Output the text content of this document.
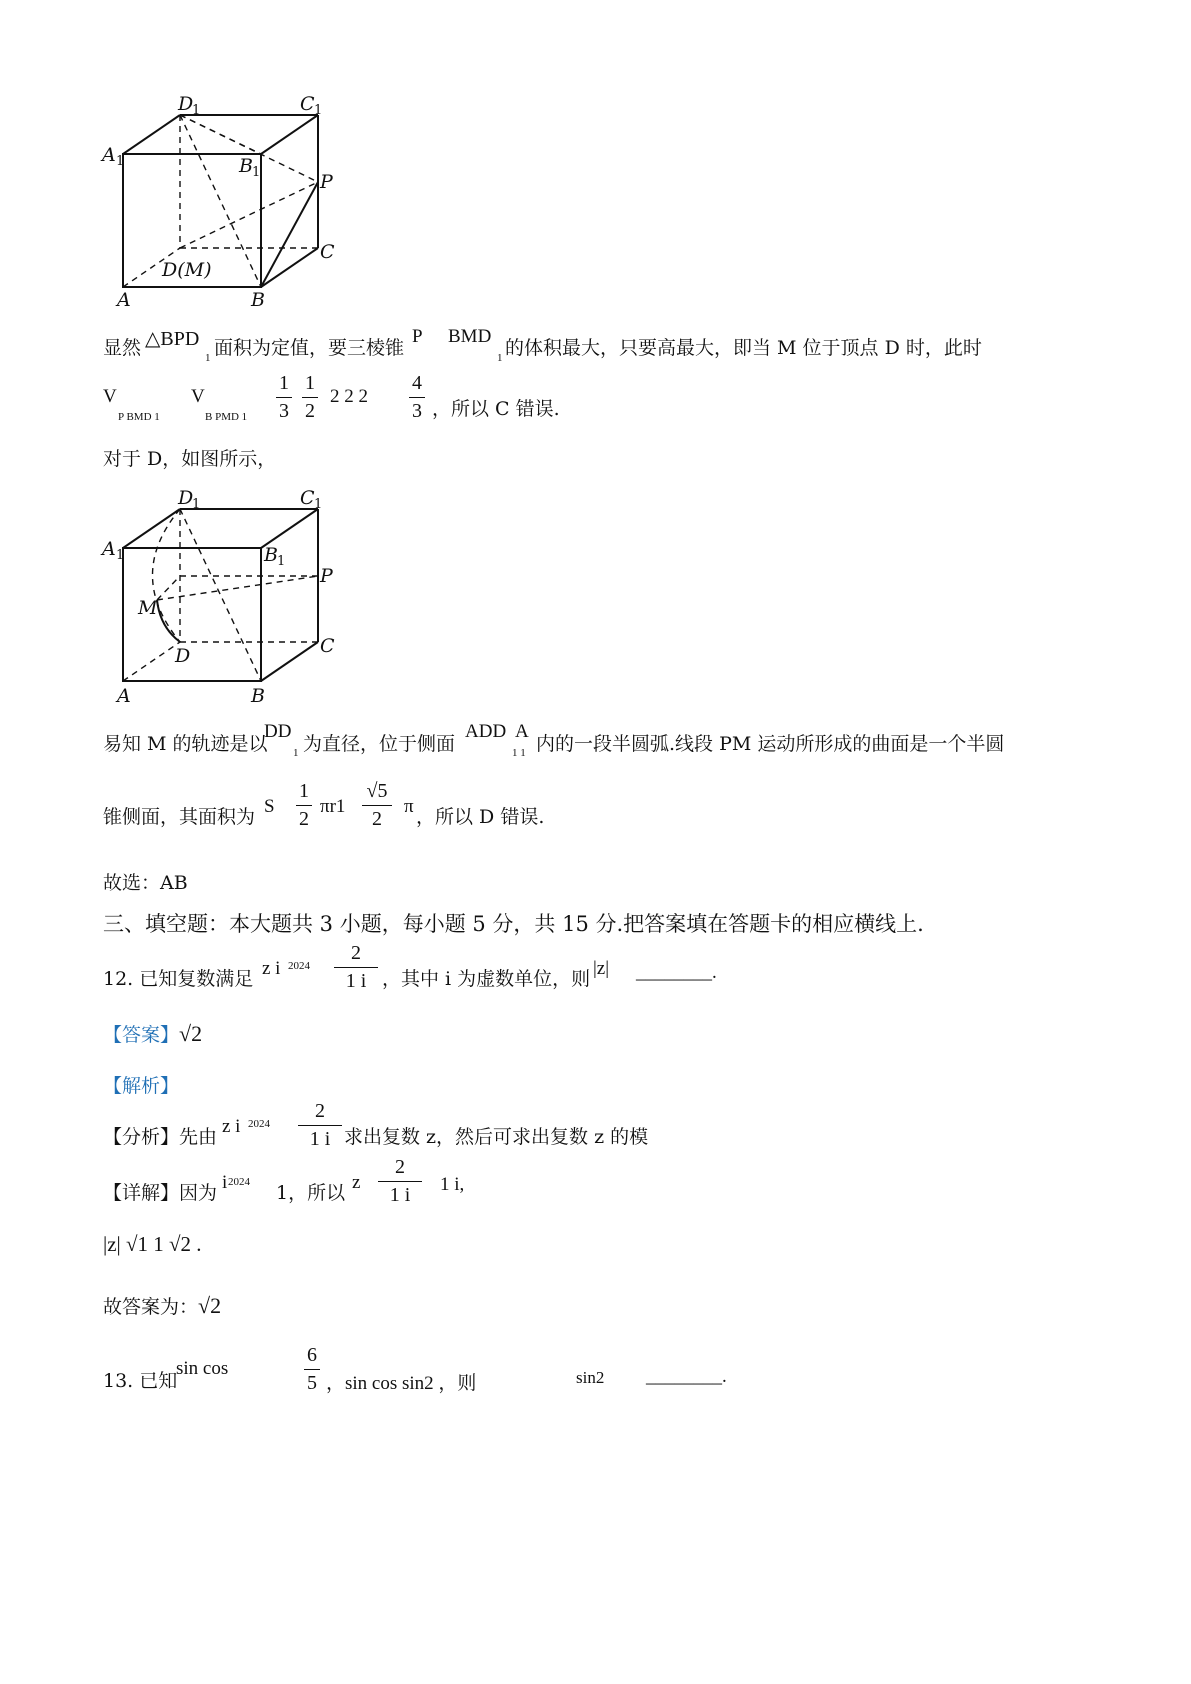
D
1	C 1
A 1	B 1	P
C
D(M)
A	B
显然 △BPD
1 面积为定值，要三棱锥
P BMD
1 的体积最大，只要高最大，即当 M 位于顶点 D 时，此时
V
P BMD 1
V
B PMD 1
1
3
1
2
2 2 2
4
3 ，所以 C 错误.
对于 D，如图所示，
D
1	C 1
A 1	B 1
P
M
C
D
A	B
易知 M 的轨迹是以
DD
1 为直径，位于侧面
ADD A
1 1 内的一段半圆弧.线段 PM 运动所形成的曲面是一个半圆
锥侧面，其面积为 S
1
2
πr1
√5
2
π ，所以 D 错误.
故选：AB
三、填空题：本大题共 3 小题，每小题 5 分，共 15 分.把答案填在答题卡的相应横线上.
12. 已知复数满足 z i 2024
2
1 i ，其中 i 为虚数单位，则 |z| ________.
【答案】√2
【解析】
【分析】先由 z i 2024
2
1 i 求出复数 z，然后可求出复数 z 的模
【详解】因为 i 2024 1，所以 z
2
1 i	1 i,
|z| √1 1 √2 .
故答案为：√2
13. 已知
sin cos
6
5 ，sin cos sin2 ，则	sin2 ________.
